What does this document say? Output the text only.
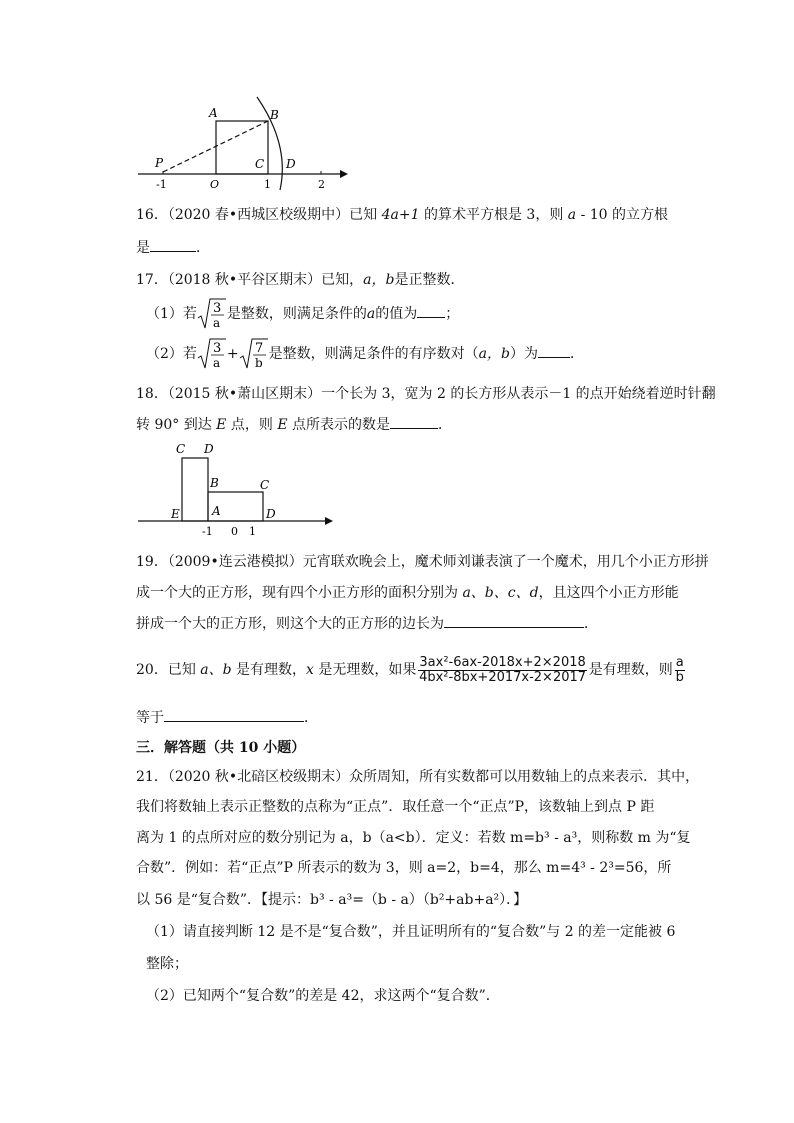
A	B
C D
P
O
-1	1	2
16．（2020 春•西城区校级期中）已知 4a+1 的算术平方根是 3，则 a - 10 的立方根
是	．
17．（2018 秋•平谷区期末）已知，a，b是正整数．
（1）若 3
a
是整数，则满足条件的a的值为 ；
（2）若 3
a
+ 7
b
是整数，则满足条件的有序数对（a，b）为 ．
18．（2015 秋•萧山区期末）一个长为 3，宽为 2 的长方形从表示－1 的点开始绕着逆时针翻
转 90° 到达 E 点，则 E 点所表示的数是	．
C D
B	C
E	A	D
-1 0 1
19．（2009•连云港模拟）元宵联欢晚会上，魔术师刘谦表演了一个魔术，用几个小正方形拼
成一个大的正方形，现有四个小正方形的面积分别为 a、b、c、d，且这四个小正方形能
拼成一个大的正方形，则这个大的正方形的边长为	．
20．已知 a、b 是有理数，x 是无理数，如果 $\frac{\text{3ax²-6ax-2018x+2×2018}}{\text{4bx²-8bx+2017x-2×2017}}$ 是有理数，则 $\frac{a}{b}$
等于	．
三．解答题（共 10 小题）
21．（2020 秋•北碚区校级期末）众所周知，所有实数都可以用数轴上的点来表示．其中，
我们将数轴上表示正整数的点称为“正点”．取任意一个“正点”P，该数轴上到点 P 距
离为 1 的点所对应的数分别记为 a，b（a<b）．定义：若数 m=b³ - a³，则称数 m 为“复
合数”．例如：若“正点”P 所表示的数为 3，则 a=2，b=4，那么 m=4³ - 2³=56，所
以 56 是“复合数”．【提示：b³ - a³=（b - a）（b²+ab+a²）．】
（1）请直接判断 12 是不是“复合数”，并且证明所有的“复合数”与 2 的差一定能被 6
整除；
（2）已知两个“复合数”的差是 42，求这两个“复合数”．
